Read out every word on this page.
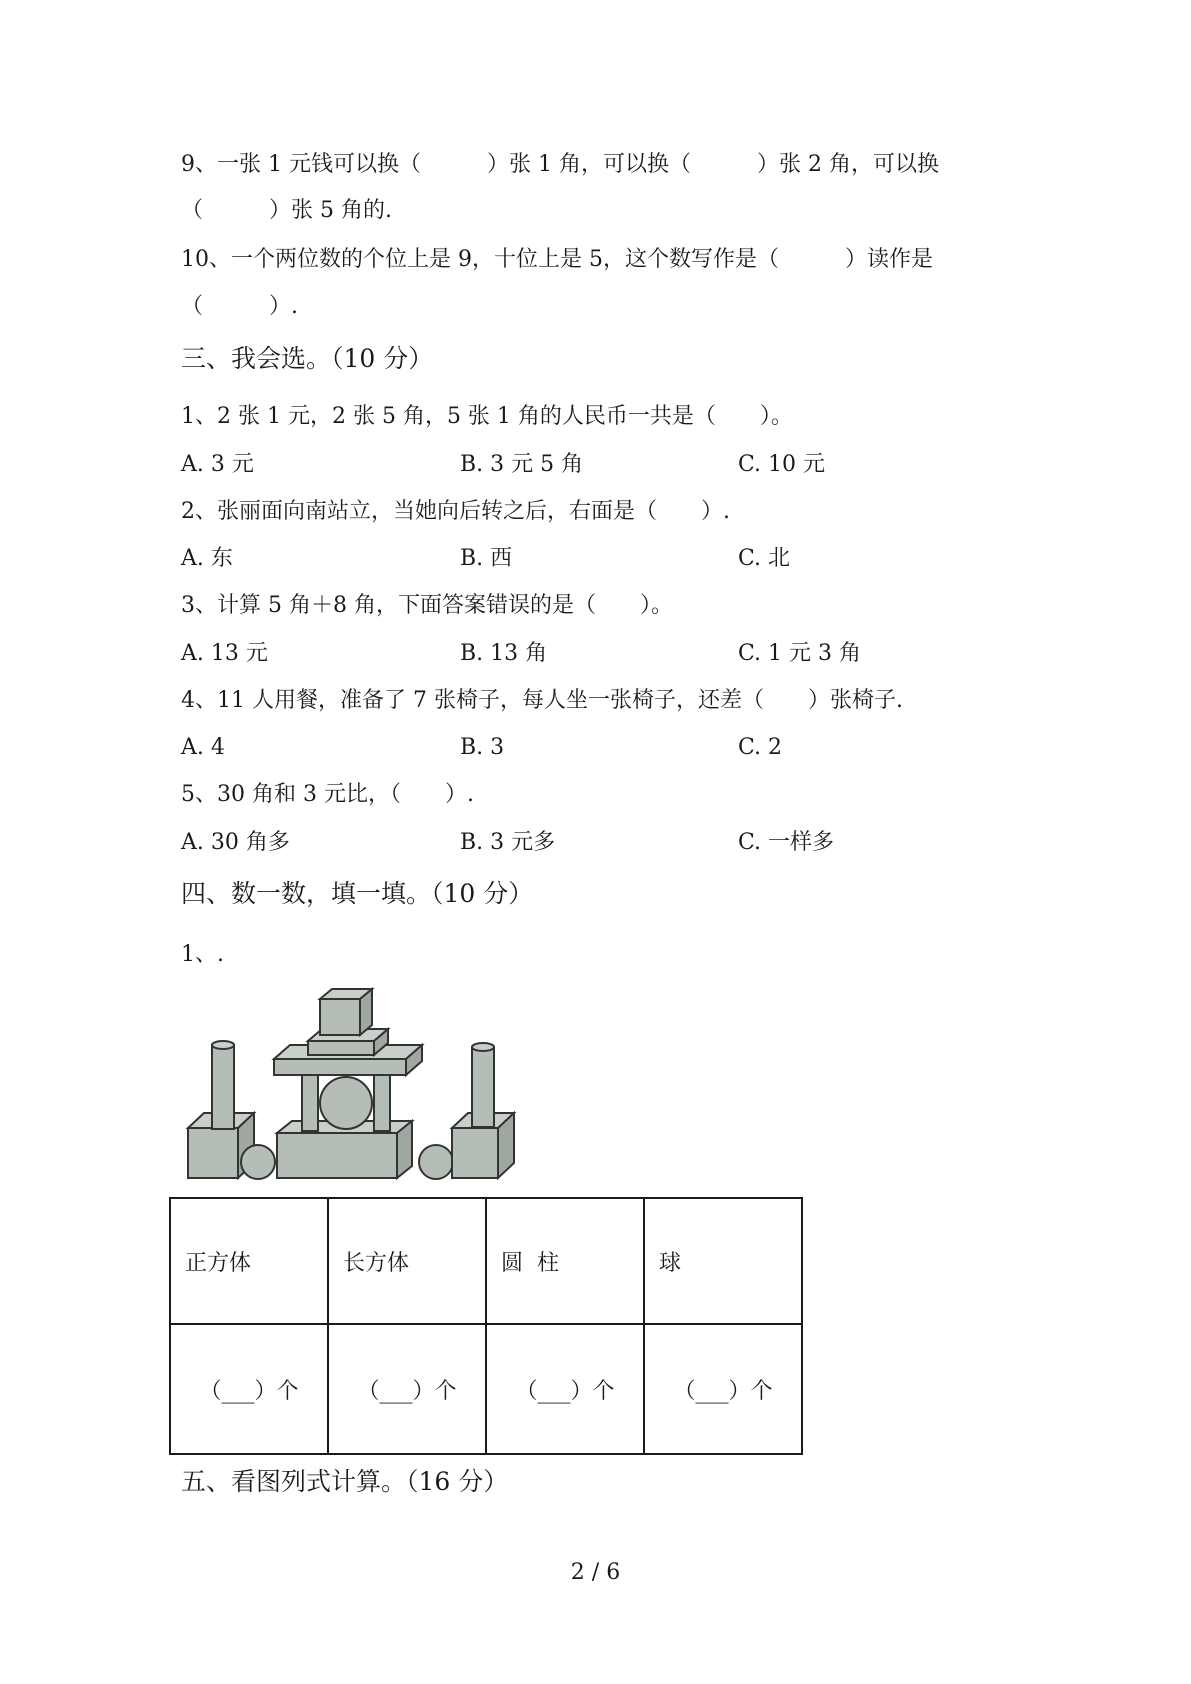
9、一张 1 元钱可以换（　　　）张 1 角，可以换（　　　）张 2 角，可以换
（　　　）张 5 角的.
10、一个两位数的个位上是 9，十位上是 5，这个数写作是（　　　）读作是
（　　　）.
三、我会选。（10 分）
1、2 张 1 元，2 张 5 角，5 张 1 角的人民币一共是（　　）。
A. 3 元	B. 3 元 5 角	C. 10 元
2、张丽面向南站立，当她向后转之后，右面是（　　）.
A. 东	B. 西	C. 北
3、计算 5 角＋8 角，下面答案错误的是（　　）。
A. 13 元	B. 13 角	C. 1 元 3 角
4、11 人用餐，准备了 7 张椅子，每人坐一张椅子，还差（　　）张椅子.
A. 4	B. 3	C. 2
5、30 角和 3 元比，（　　）.
A. 30 角多	B. 3 元多	C. 一样多
四、数一数，填一填。（10 分）
1、.
正方体	长方体	圆  柱	球
（___）个	（___）个	（___）个	（___）个
五、看图列式计算。（16 分）
2 / 6
